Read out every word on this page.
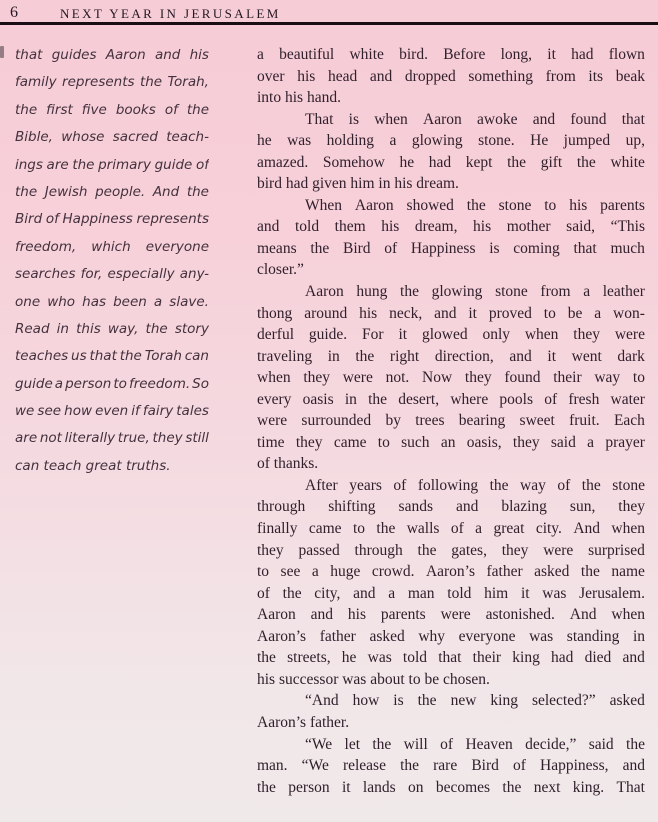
6	NEXT YEAR IN JERUSALEM
that guides Aaron and his
family represents the Torah,
the first five books of the
Bible, whose sacred teach-
ings are the primary guide of
the Jewish people. And the
Bird of Happiness represents
freedom, which everyone
searches for, especially any-
one who has been a slave.
Read in this way, the story
teaches us that the Torah can
guide a person to freedom. So
we see how even if fairy tales
are not literally true, they still
can teach great truths.
a beautiful white bird. Before long, it had flown
over his head and dropped something from its beak
into his hand.
That is when Aaron awoke and found that
he was holding a glowing stone. He jumped up,
amazed. Somehow he had kept the gift the white
bird had given him in his dream.
When Aaron showed the stone to his parents
and told them his dream, his mother said, “This
means the Bird of Happiness is coming that much
closer.”
Aaron hung the glowing stone from a leather
thong around his neck, and it proved to be a won-
derful guide. For it glowed only when they were
traveling in the right direction, and it went dark
when they were not. Now they found their way to
every oasis in the desert, where pools of fresh water
were surrounded by trees bearing sweet fruit. Each
time they came to such an oasis, they said a prayer
of thanks.
After years of following the way of the stone
through shifting sands and blazing sun, they
finally came to the walls of a great city. And when
they passed through the gates, they were surprised
to see a huge crowd. Aaron’s father asked the name
of the city, and a man told him it was Jerusalem.
Aaron and his parents were astonished. And when
Aaron’s father asked why everyone was standing in
the streets, he was told that their king had died and
his successor was about to be chosen.
“And how is the new king selected?” asked
Aaron’s father.
“We let the will of Heaven decide,” said the
man. “We release the rare Bird of Happiness, and
the person it lands on becomes the next king. That
